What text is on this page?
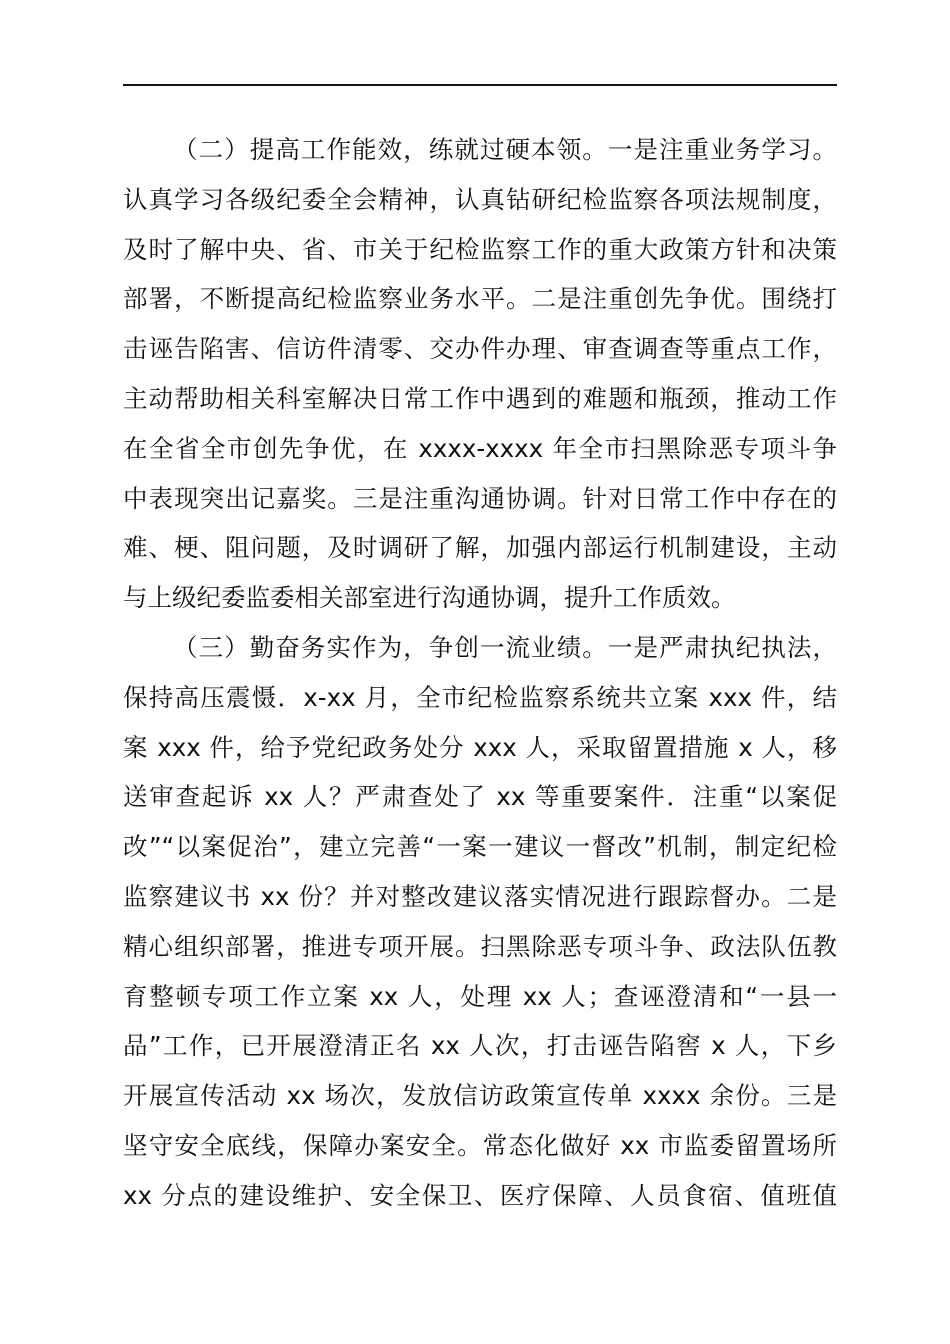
（二）提高工作能效，练就过硬本领。一是注重业务学习。
认真学习各级纪委全会精神，认真钻研纪检监察各项法规制度，
及时了解中央、省、市关于纪检监察工作的重大政策方针和决策
部署，不断提高纪检监察业务水平。二是注重创先争优。围绕打
击诬告陷害、信访件清零、交办件办理、审查调查等重点工作，
主动帮助相关科室解决日常工作中遇到的难题和瓶颈，推动工作
在全省全市创先争优，在 xxxx-xxxx 年全市扫黑除恶专项斗争
中表现突出记嘉奖。三是注重沟通协调。针对日常工作中存在的
难、梗、阻问题，及时调研了解，加强内部运行机制建设，主动
与上级纪委监委相关部室进行沟通协调，提升工作质效。
（三）勤奋务实作为，争创一流业绩。一是严肃执纪执法，
保持高压震慑．x-xx 月，全市纪检监察系统共立案 xxx 件，结
案 xxx 件，给予党纪政务处分 xxx 人，采取留置措施 x 人，移
送审查起诉 xx 人？严肃查处了 xx 等重要案件．注重“以案促
改”“以案促治”，建立完善“一案一建议一督改”机制，制定纪检
监察建议书 xx 份？并对整改建议落实情况进行跟踪督办。二是
精心组织部署，推进专项开展。扫黑除恶专项斗争、政法队伍教
育整顿专项工作立案 xx 人，处理 xx 人；查诬澄清和“一县一
品”工作，已开展澄清正名 xx 人次，打击诬告陷窖 x 人，下乡
开展宣传活动 xx 场次，发放信访政策宣传单 xxxx 余份。三是
坚守安全底线，保障办案安全。常态化做好 xx 市监委留置场所
xx 分点的建设维护、安全保卫、医疗保障、人员食宿、值班值
